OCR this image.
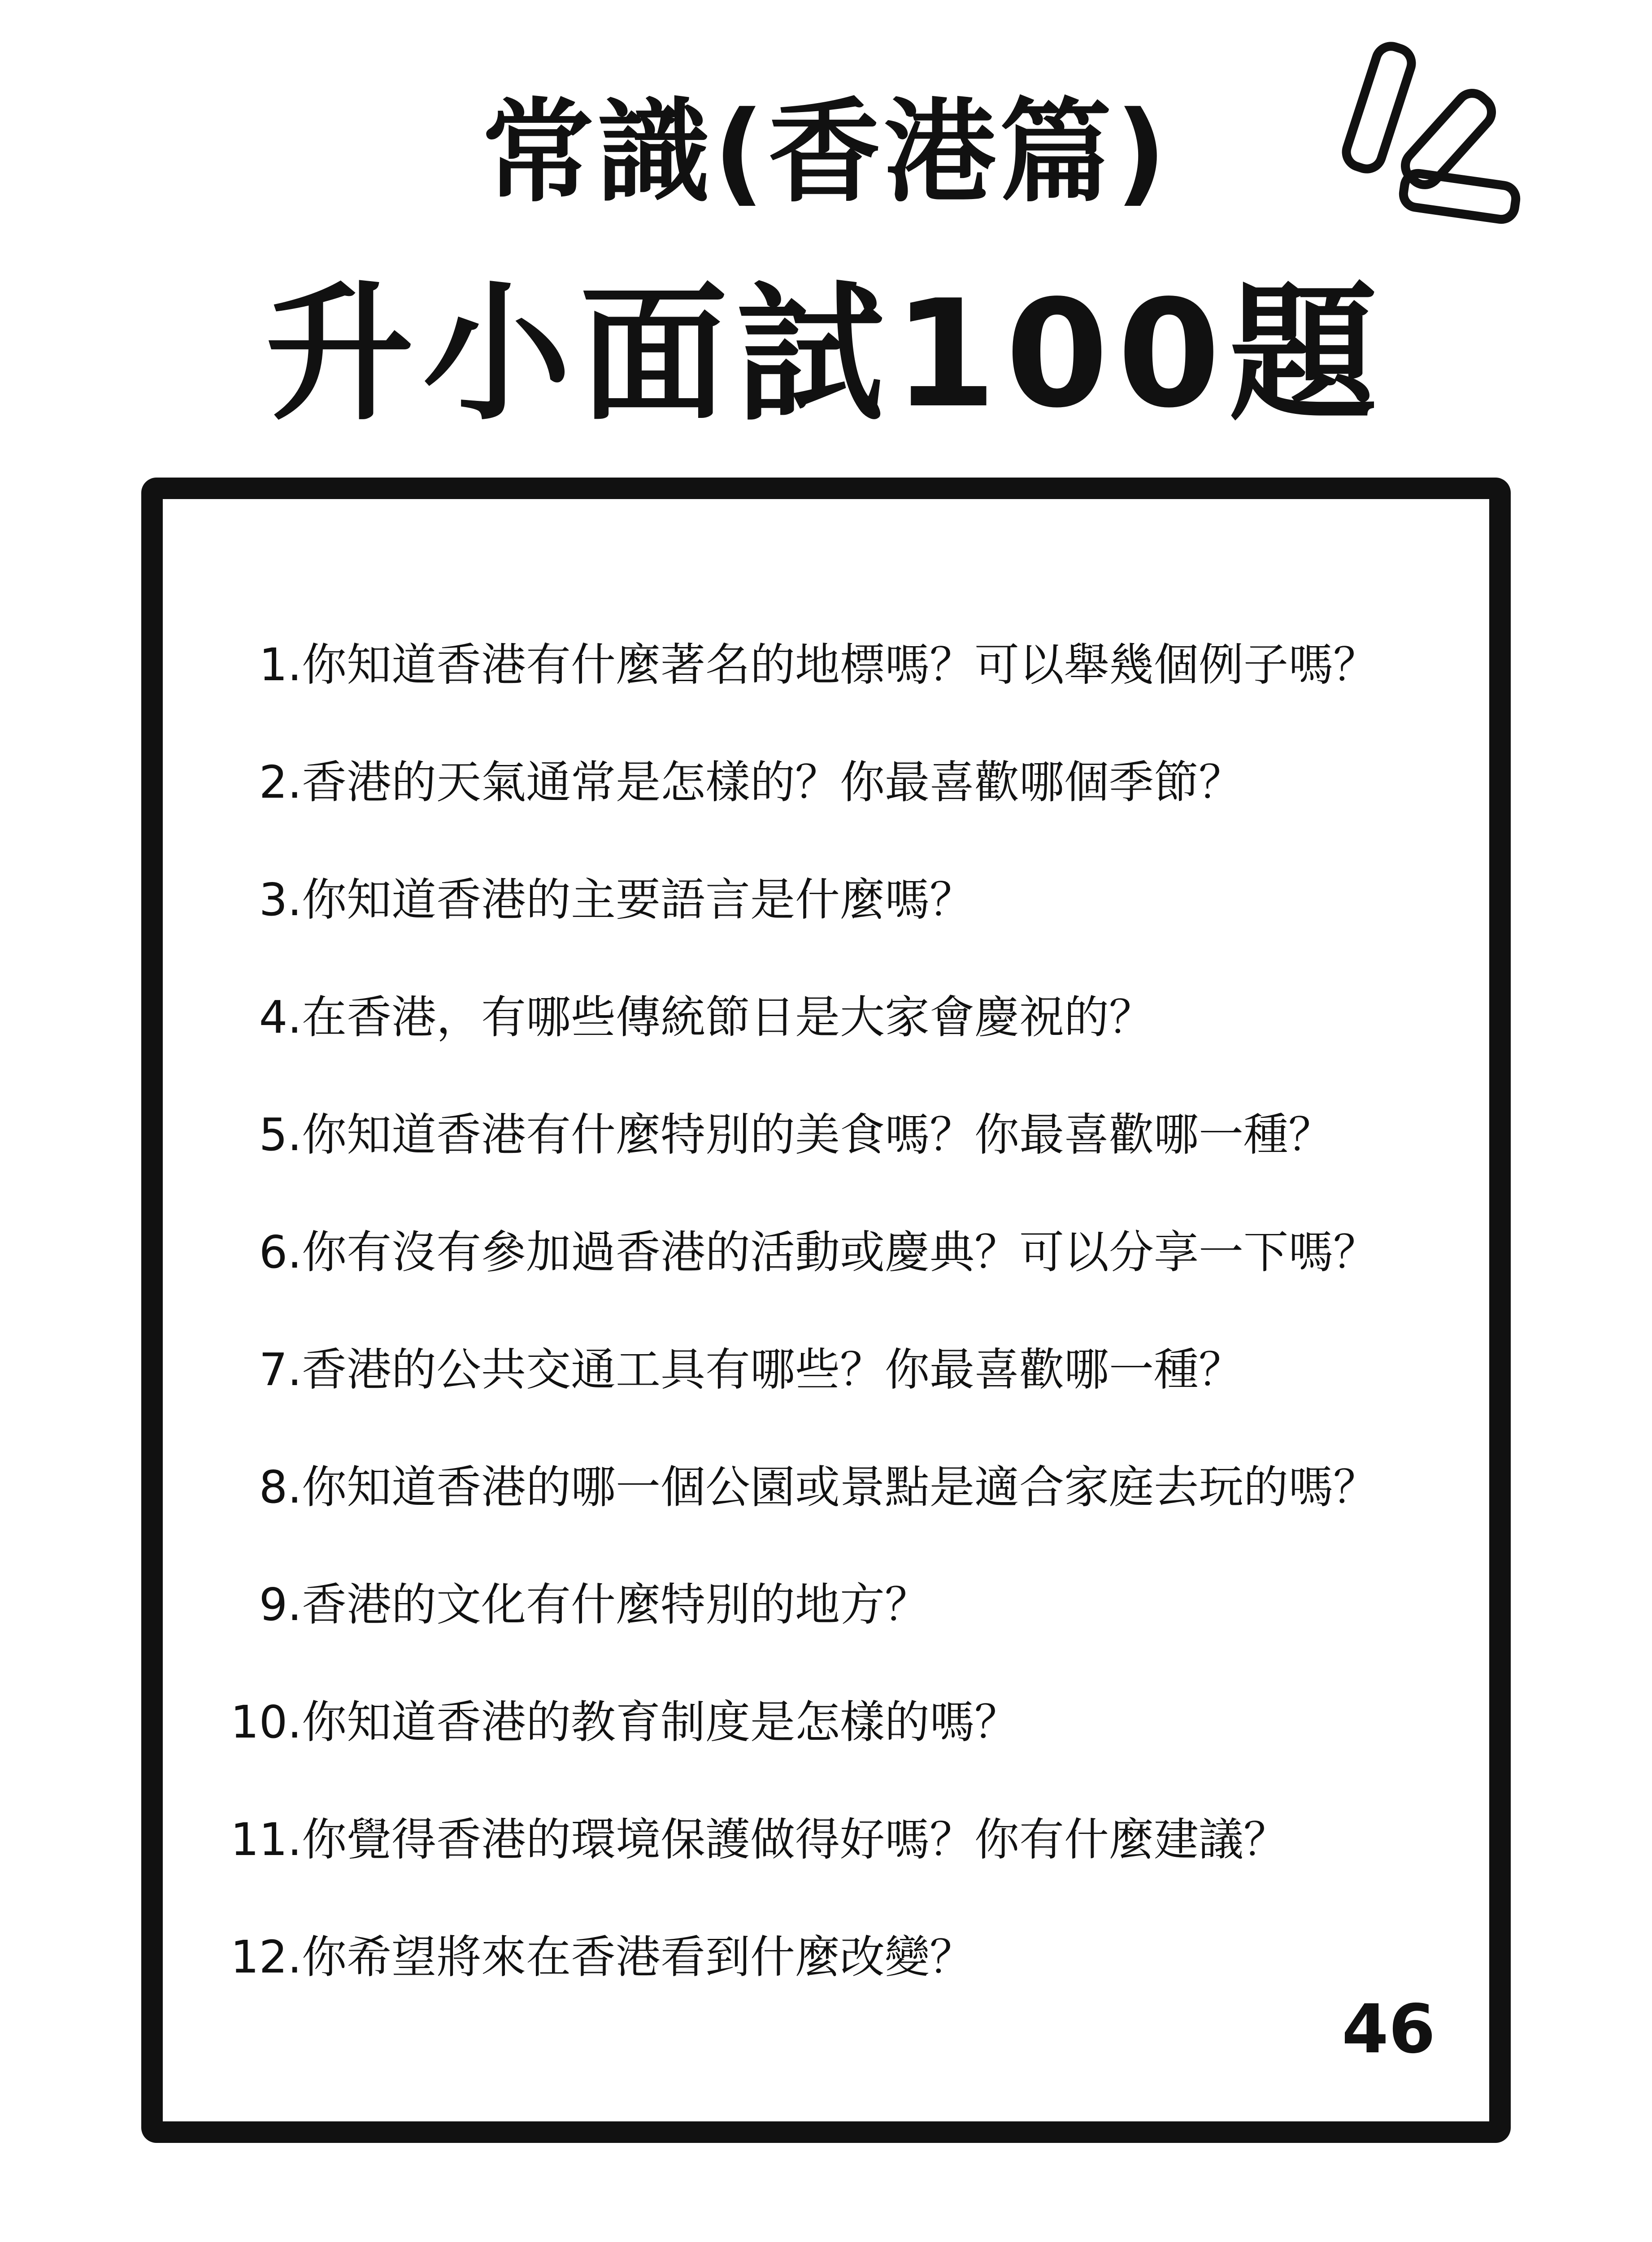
常識(香港篇)
升小面試100題
1. 你知道香港有什麼著名的地標嗎？可以舉幾個例子嗎？
2. 香港的天氣通常是怎樣的？你最喜歡哪個季節？
3. 你知道香港的主要語言是什麼嗎？
4. 在香港，有哪些傳統節日是大家會慶祝的？
5. 你知道香港有什麼特別的美食嗎？你最喜歡哪一種？
6. 你有沒有參加過香港的活動或慶典？可以分享一下嗎？
7. 香港的公共交通工具有哪些？你最喜歡哪一種？
8. 你知道香港的哪一個公園或景點是適合家庭去玩的嗎？
9. 香港的文化有什麼特別的地方？
10. 你知道香港的教育制度是怎樣的嗎？
11. 你覺得香港的環境保護做得好嗎？你有什麼建議？
12. 你希望將來在香港看到什麼改變？
46
